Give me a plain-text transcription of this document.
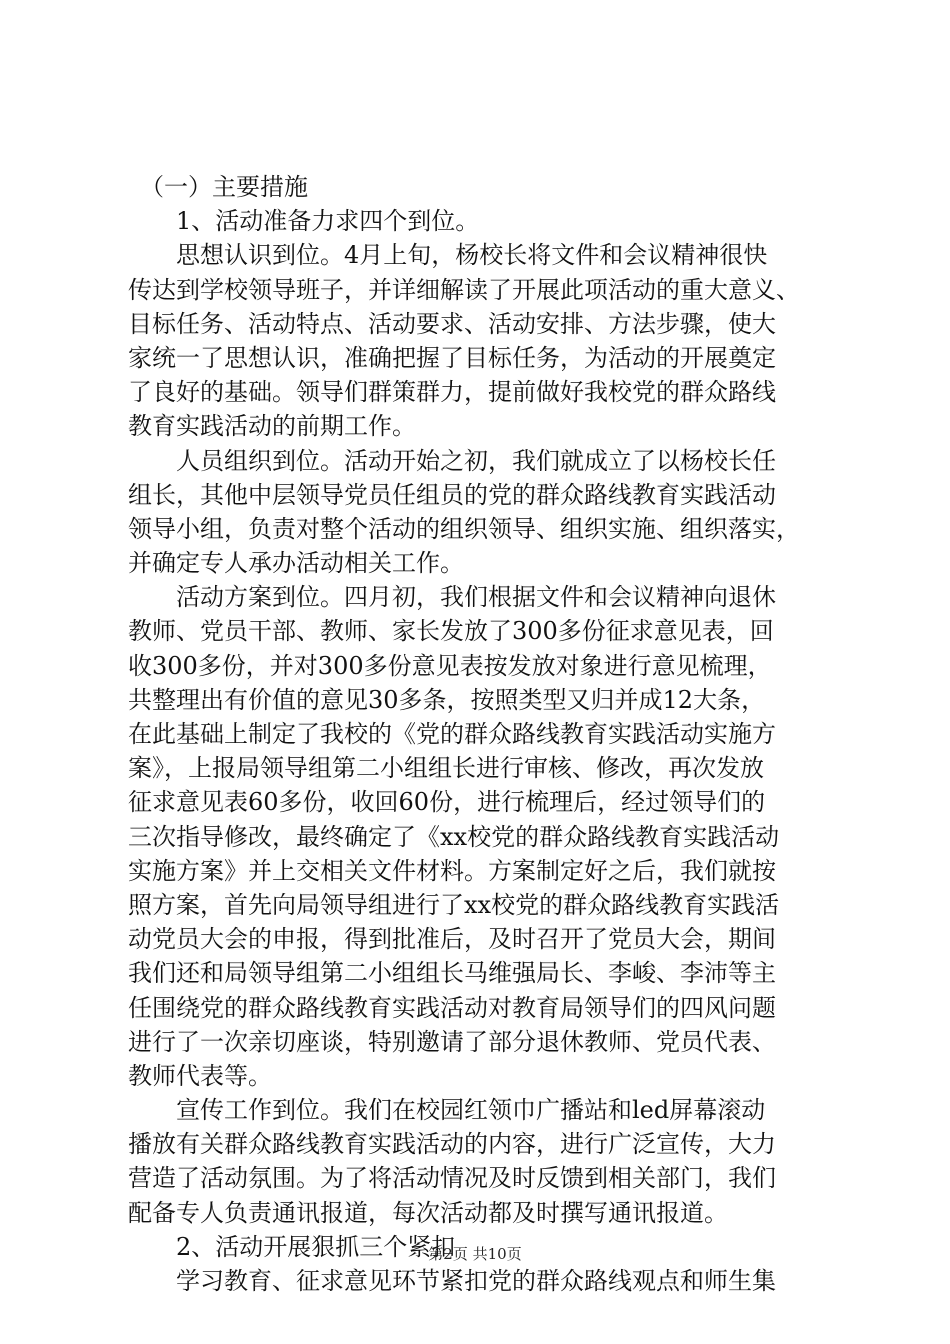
　（一）主要措施
　　1、活动准备力求四个到位。
　　思想认识到位。4月上旬，杨校长将文件和会议精神很快
传达到学校领导班子，并详细解读了开展此项活动的重大意义、
目标任务、活动特点、活动要求、活动安排、方法步骤，使大
家统一了思想认识，准确把握了目标任务，为活动的开展奠定
了良好的基础。领导们群策群力，提前做好我校党的群众路线
教育实践活动的前期工作。
　　人员组织到位。活动开始之初，我们就成立了以杨校长任
组长，其他中层领导党员任组员的党的群众路线教育实践活动
领导小组，负责对整个活动的组织领导、组织实施、组织落实，
并确定专人承办活动相关工作。
　　活动方案到位。四月初，我们根据文件和会议精神向退休
教师、党员干部、教师、家长发放了300多份征求意见表，回
收300多份，并对300多份意见表按发放对象进行意见梳理，
共整理出有价值的意见30多条，按照类型又归并成12大条，
在此基础上制定了我校的《党的群众路线教育实践活动实施方
案》，上报局领导组第二小组组长进行审核、修改，再次发放
征求意见表60多份，收回60份，进行梳理后，经过领导们的
三次指导修改，最终确定了《xx校党的群众路线教育实践活动
实施方案》并上交相关文件材料。方案制定好之后，我们就按
照方案，首先向局领导组进行了xx校党的群众路线教育实践活
动党员大会的申报，得到批准后，及时召开了党员大会，期间
我们还和局领导组第二小组组长马维强局长、李峻、李沛等主
任围绕党的群众路线教育实践活动对教育局领导们的四风问题
进行了一次亲切座谈，特别邀请了部分退休教师、党员代表、
教师代表等。
　　宣传工作到位。我们在校园红领巾广播站和led屏幕滚动
播放有关群众路线教育实践活动的内容，进行广泛宣传，大力
营造了活动氛围。为了将活动情况及时反馈到相关部门，我们
配备专人负责通讯报道，每次活动都及时撰写通讯报道。
　　2、活动开展狠抓三个紧扣
　　学习教育、征求意见环节紧扣党的群众路线观点和师生集
第2页 共10页
